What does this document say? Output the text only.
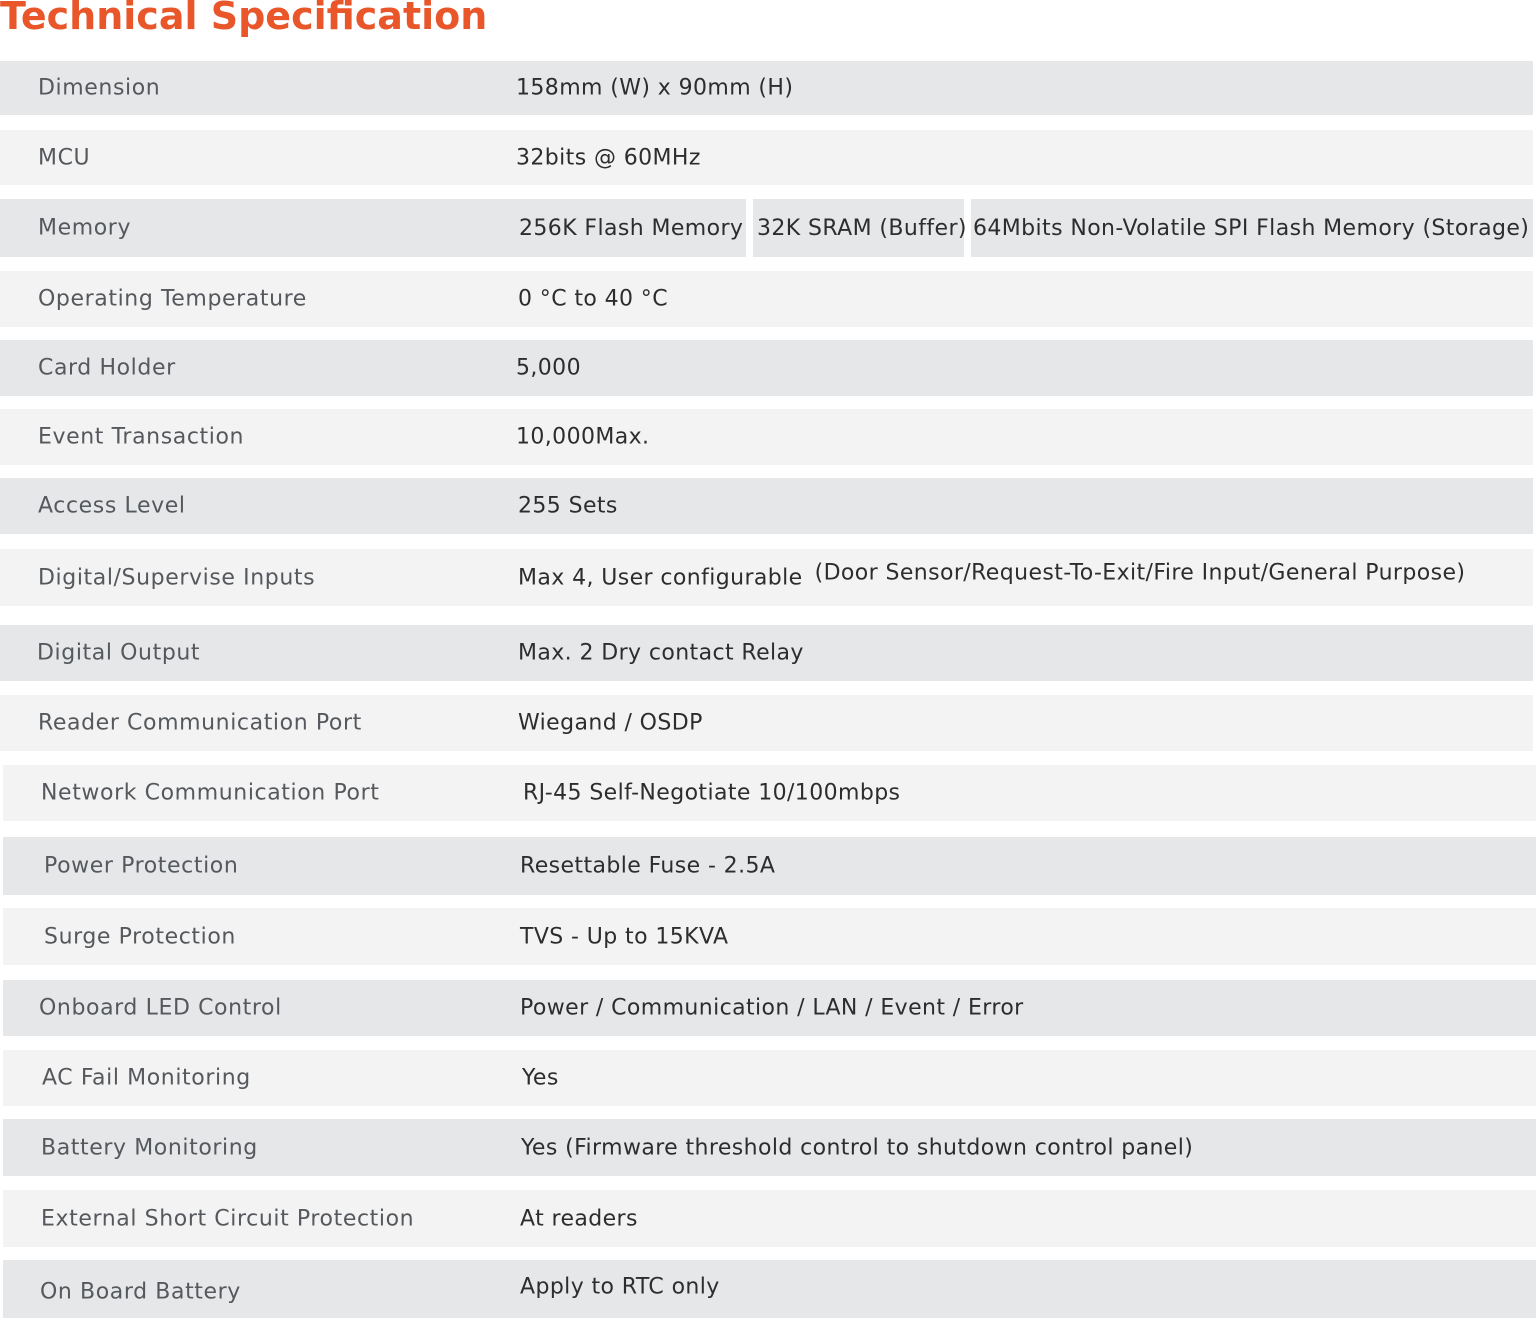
Technical Specification
Dimension	158mm (W) x 90mm (H)
MCU	32bits @ 60MHz
Memory	256K Flash Memory 32K SRAM (Buffer) 64Mbits Non-Volatile SPI Flash Memory (Storage)
Operating Temperature	0 °C to 40 °C
Card Holder	5,000
Event Transaction	10,000Max.
Access Level	255 Sets
Digital/Supervise Inputs	Max 4, User configurable (Door Sensor/Request-To-Exit/Fire Input/General Purpose)
Digital Output	Max. 2 Dry contact Relay
Reader Communication Port	Wiegand / OSDP
Network Communication Port	RJ-45 Self-Negotiate 10/100mbps
Power Protection	Resettable Fuse - 2.5A
Surge Protection	TVS - Up to 15KVA
Onboard LED Control	Power / Communication / LAN / Event / Error
AC Fail Monitoring	Yes
Battery Monitoring	Yes (Firmware threshold control to shutdown control panel)
External Short Circuit Protection	At readers
On Board Battery	Apply to RTC only
